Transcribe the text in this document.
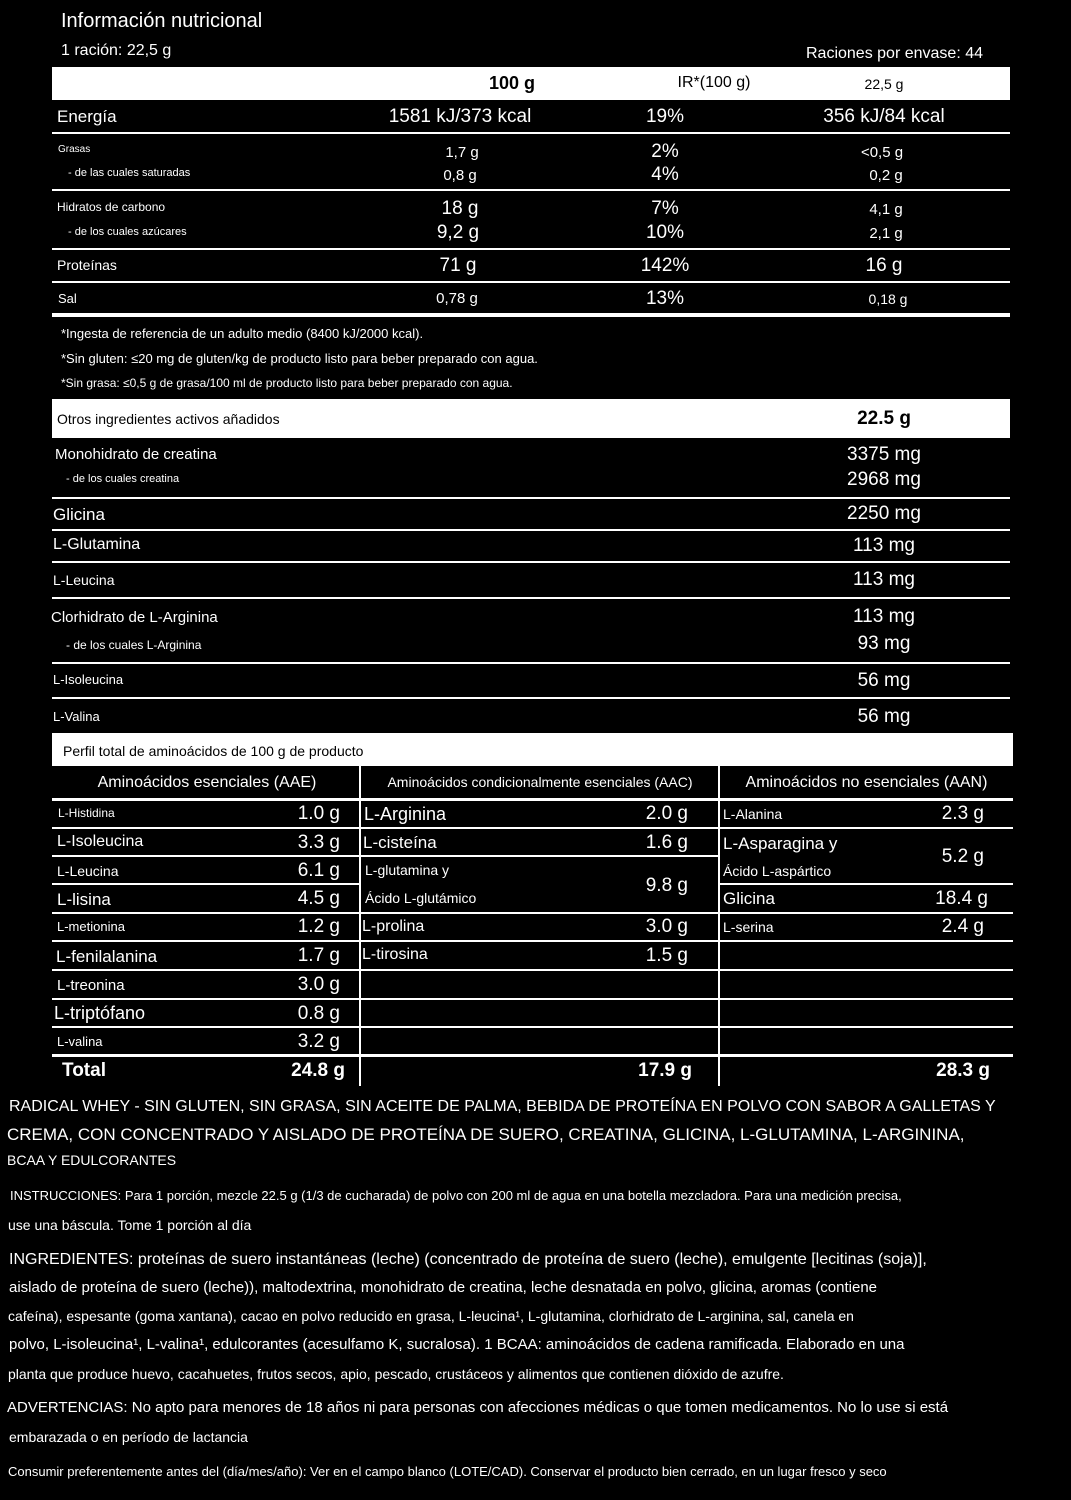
Información nutricional
1 ración: 22,5 g	Raciones por envase: 44
100 g	IR*(100 g)	22,5 g
Energía	1581 kJ/373 kcal	19%	356 kJ/84 kcal
Grasas	1,7 g	2%	<0,5 g
- de las cuales saturadas	0,8 g	4%	0,2 g
Hidratos de carbono	18 g	7%	4,1 g
- de los cuales azúcares	9,2 g	10%	2,1 g
Proteínas	71 g	142%	16 g
Sal	0,78 g	13%	0,18 g
*Ingesta de referencia de un adulto medio (8400 kJ/2000 kcal).
*Sin gluten: ≤20 mg de gluten/kg de producto listo para beber preparado con agua.
*Sin grasa: ≤0,5 g de grasa/100 ml de producto listo para beber preparado con agua.
Otros ingredientes activos añadidos	22.5 g
Monohidrato de creatina	3375 mg
- de los cuales creatina	2968 mg
Glicina	2250 mg
L-Glutamina	113 mg
L-Leucina	113 mg
Clorhidrato de L-Arginina	113 mg
- de los cuales L-Arginina	93 mg
L-Isoleucina	56 mg
L-Valina	56 mg
Perfil total de aminoácidos de 100 g de producto
Aminoácidos esenciales (AAE)	Aminoácidos condicionalmente esenciales (AAC)	Aminoácidos no esenciales (AAN)
L-Histidina	1.0 g
L-Isoleucina	3.3 g
L-Leucina	6.1 g
L-lisina	4.5 g
L-metionina	1.2 g
L-fenilalanina	1.7 g
L-treonina	3.0 g
L-triptófano	0.8 g
L-valina	3.2 g
L-Arginina	2.0 g
L-cisteína	1.6 g
L-glutamina y
Ácido L-glutámico
9.8 g
L-prolina	3.0 g
L-tirosina	1.5 g
L-Alanina	2.3 g
L-Asparagina y
Ácido L-aspártico
5.2 g
Glicina	18.4 g
L-serina	2.4 g
Total	24.8 g	17.9 g	28.3 g

RADICAL WHEY - SIN GLUTEN, SIN GRASA, SIN ACEITE DE PALMA, BEBIDA DE PROTEÍNA EN POLVO CON SABOR A GALLETAS Y

CREMA, CON CONCENTRADO Y AISLADO DE PROTEÍNA DE SUERO, CREATINA, GLICINA, L-GLUTAMINA, L-ARGININA,

BCAA Y EDULCORANTES

INSTRUCCIONES: Para 1 porción, mezcle 22.5 g (1/3 de cucharada) de polvo con 200 ml de agua en una botella mezcladora. Para una medición precisa,

use una báscula. Tome 1 porción al día

INGREDIENTES: proteínas de suero instantáneas (leche) (concentrado de proteína de suero (leche), emulgente [lecitinas (soja)],

aislado de proteína de suero (leche)), maltodextrina, monohidrato de creatina, leche desnatada en polvo, glicina, aromas (contiene

cafeína), espesante (goma xantana), cacao en polvo reducido en grasa, L-leucina¹, L-glutamina, clorhidrato de L-arginina, sal, canela en

polvo, L-isoleucina¹, L-valina¹, edulcorantes (acesulfamo K, sucralosa). 1 BCAA: aminoácidos de cadena ramificada. Elaborado en una

planta que produce huevo, cacahuetes, frutos secos, apio, pescado, crustáceos y alimentos que contienen dióxido de azufre.

ADVERTENCIAS: No apto para menores de 18 años ni para personas con afecciones médicas o que tomen medicamentos. No lo use si está

embarazada o en período de lactancia

Consumir preferentemente antes del (día/mes/año): Ver en el campo blanco (LOTE/CAD). Conservar el producto bien cerrado, en un lugar fresco y seco
